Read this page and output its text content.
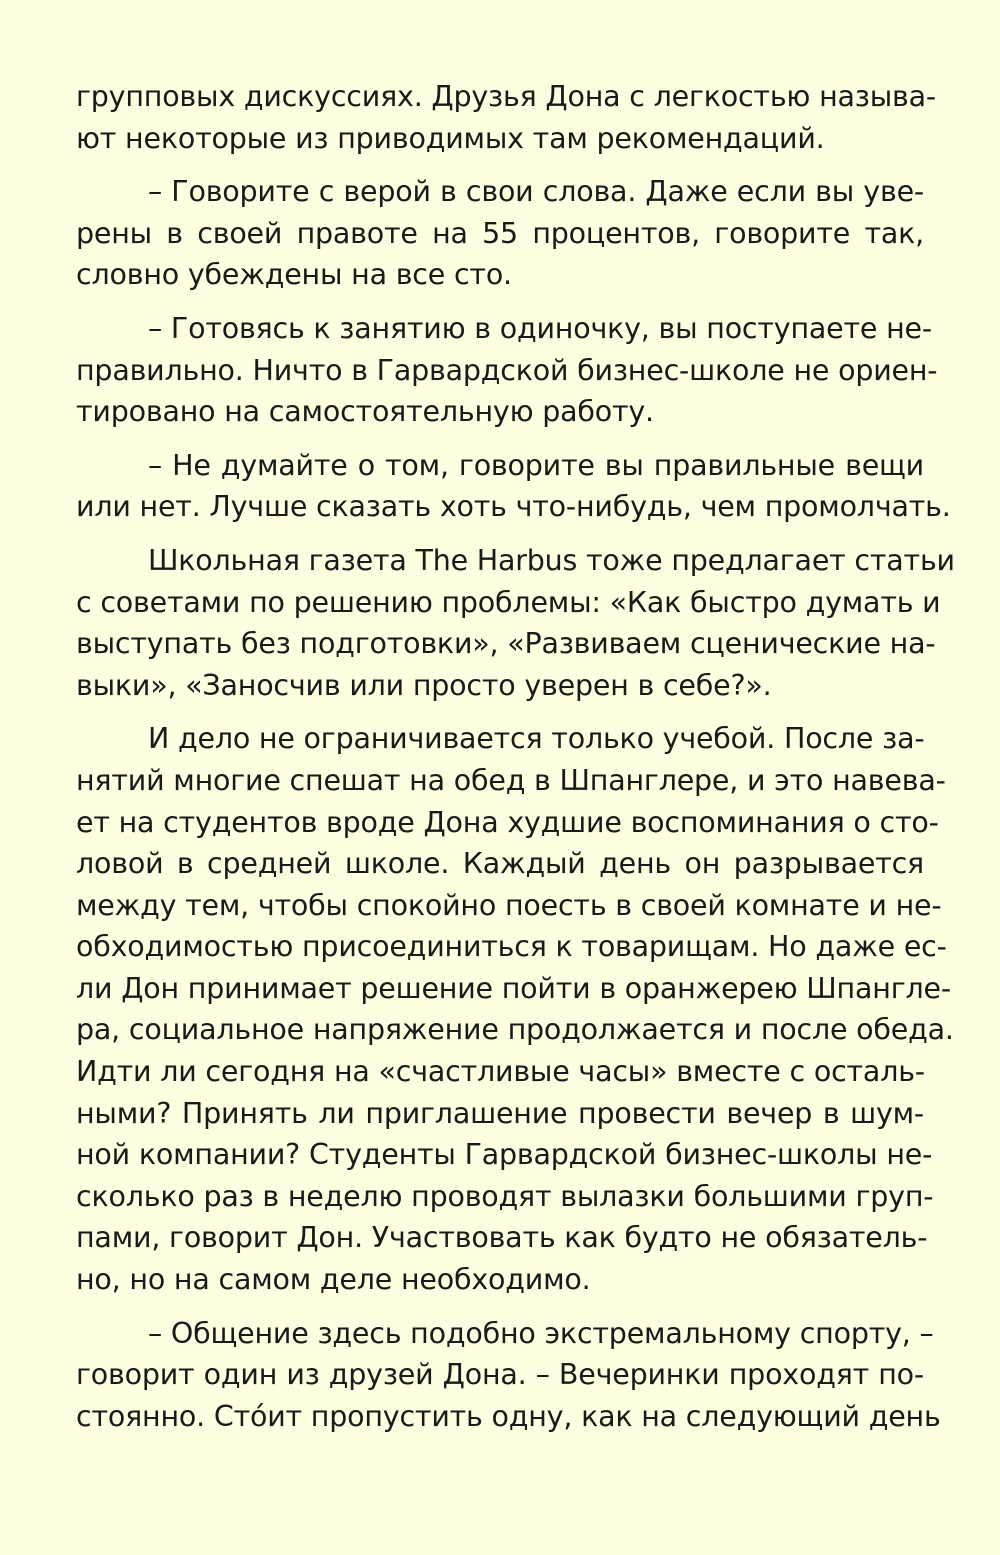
групповых дискуссиях. Друзья Дона с легкостью называ-
ют некоторые из приводимых там рекомендаций.
– Говорите с верой в свои слова. Даже если вы уве-
рены в своей правоте на 55 процентов, говорите так,
словно убеждены на все сто.
– Готовясь к занятию в одиночку, вы поступаете не-
правильно. Ничто в Гарвардской бизнес-школе не ориен-
тировано на самостоятельную работу.
– Не думайте о том, говорите вы правильные вещи
или нет. Лучше сказать хоть что-нибудь, чем промолчать.
Школьная газета The Harbus тоже предлагает статьи
с советами по решению проблемы: «Как быстро думать и
выступать без подготовки», «Развиваем сценические на-
выки», «Заносчив или просто уверен в себе?».
И дело не ограничивается только учебой. После за-
нятий многие спешат на обед в Шпанглере, и это навева-
ет на студентов вроде Дона худшие воспоминания о сто-
ловой в средней школе. Каждый день он разрывается
между тем, чтобы спокойно поесть в своей комнате и не-
обходимостью присоединиться к товарищам. Но даже ес-
ли Дон принимает решение пойти в оранжерею Шпангле-
ра, социальное напряжение продолжается и после обеда.
Идти ли сегодня на «счастливые часы» вместе с осталь-
ными? Принять ли приглашение провести вечер в шум-
ной компании? Студенты Гарвардской бизнес-школы не-
сколько раз в неделю проводят вылазки большими груп-
пами, говорит Дон. Участвовать как будто не обязатель-
но, но на самом деле необходимо.
– Общение здесь подобно экстремальному спорту, –
говорит один из друзей Дона. – Вечеринки проходят по-
стоянно. Стóит пропустить одну, как на следующий день
